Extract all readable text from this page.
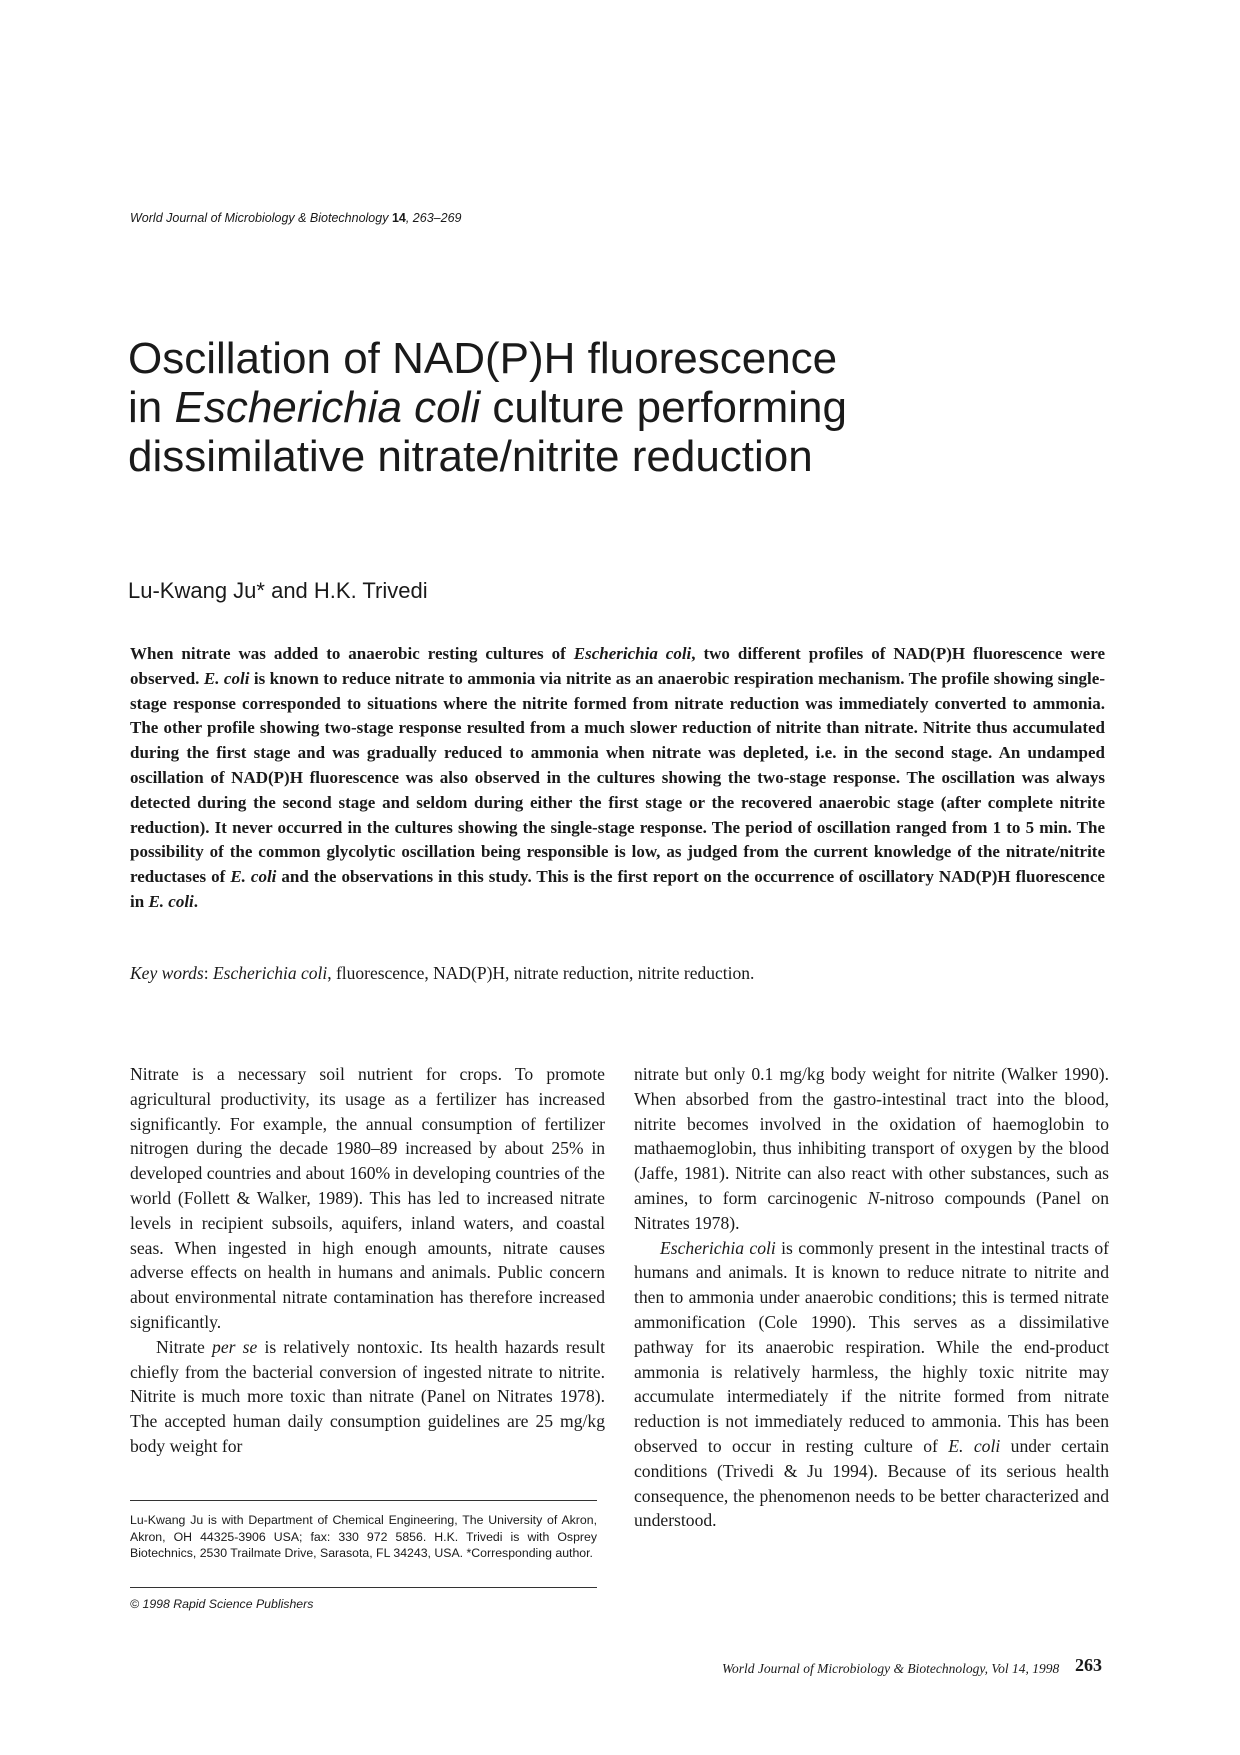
World Journal of Microbiology & Biotechnology 14, 263–269
Oscillation of NAD(P)H fluorescence
in Escherichia coli culture performing
dissimilative nitrate/nitrite reduction
Lu-Kwang Ju* and H.K. Trivedi

When nitrate was added to anaerobic resting cultures of Escherichia coli, two different profiles of NAD(P)H fluorescence were observed. E. coli is known to reduce nitrate to ammonia via nitrite as an anaerobic respiration mechanism. The profile showing single-stage response corresponded to situations where the nitrite formed from nitrate reduction was immediately converted to ammonia. The other profile showing two-stage response resulted from a much slower reduction of nitrite than nitrate. Nitrite thus accumulated during the first stage and was gradually reduced to ammonia when nitrate was depleted, i.e. in the second stage. An undamped oscillation of NAD(P)H fluorescence was also observed in the cultures showing the two-stage response. The oscillation was always detected during the second stage and seldom during either the first stage or the recovered anaerobic stage (after complete nitrite reduction). It never occurred in the cultures showing the single-stage response. The period of oscillation ranged from 1 to 5 min. The possibility of the common glycolytic oscillation being responsible is low, as judged from the current knowledge of the nitrate/nitrite reductases of E. coli and the observations in this study. This is the first report on the occurrence of oscillatory NAD(P)H fluorescence in E. coli.

Key words: Escherichia coli, fluorescence, NAD(P)H, nitrate reduction, nitrite reduction.

Nitrate is a necessary soil nutrient for crops. To promote agricultural productivity, its usage as a fertilizer has increased significantly. For example, the annual consumption of fertilizer nitrogen during the decade 1980–89 increased by about 25% in developed countries and about 160% in developing countries of the world (Follett & Walker, 1989). This has led to increased nitrate levels in recipient subsoils, aquifers, inland waters, and coastal seas. When ingested in high enough amounts, nitrate causes adverse effects on health in humans and animals. Public concern about environmental nitrate contamination has therefore increased significantly.

Nitrate per se is relatively nontoxic. Its health hazards result chiefly from the bacterial conversion of ingested nitrate to nitrite. Nitrite is much more toxic than nitrate (Panel on Nitrates 1978). The accepted human daily consumption guidelines are 25 mg/kg body weight for

nitrate but only 0.1 mg/kg body weight for nitrite (Walker 1990). When absorbed from the gastro-intestinal tract into the blood, nitrite becomes involved in the oxidation of haemoglobin to mathaemoglobin, thus inhibiting transport of oxygen by the blood (Jaffe, 1981). Nitrite can also react with other substances, such as amines, to form carcinogenic N-nitroso compounds (Panel on Nitrates 1978).

Escherichia coli is commonly present in the intestinal tracts of humans and animals. It is known to reduce nitrate to nitrite and then to ammonia under anaerobic conditions; this is termed nitrate ammonification (Cole 1990). This serves as a dissimilative pathway for its anaerobic respiration. While the end-product ammonia is relatively harmless, the highly toxic nitrite may accumulate intermediately if the nitrite formed from nitrate reduction is not immediately reduced to ammonia. This has been observed to occur in resting culture of E. coli under certain conditions (Trivedi & Ju 1994). Because of its serious health consequence, the phenomenon needs to be better characterized and understood.

Lu-Kwang Ju is with Department of Chemical Engineering, The University of Akron, Akron, OH 44325-3906 USA; fax: 330 972 5856. H.K. Trivedi is with Osprey Biotechnics, 2530 Trailmate Drive, Sarasota, FL 34243, USA. *Corresponding author.

© 1998 Rapid Science Publishers
World Journal of Microbiology & Biotechnology, Vol 14, 1998 263
